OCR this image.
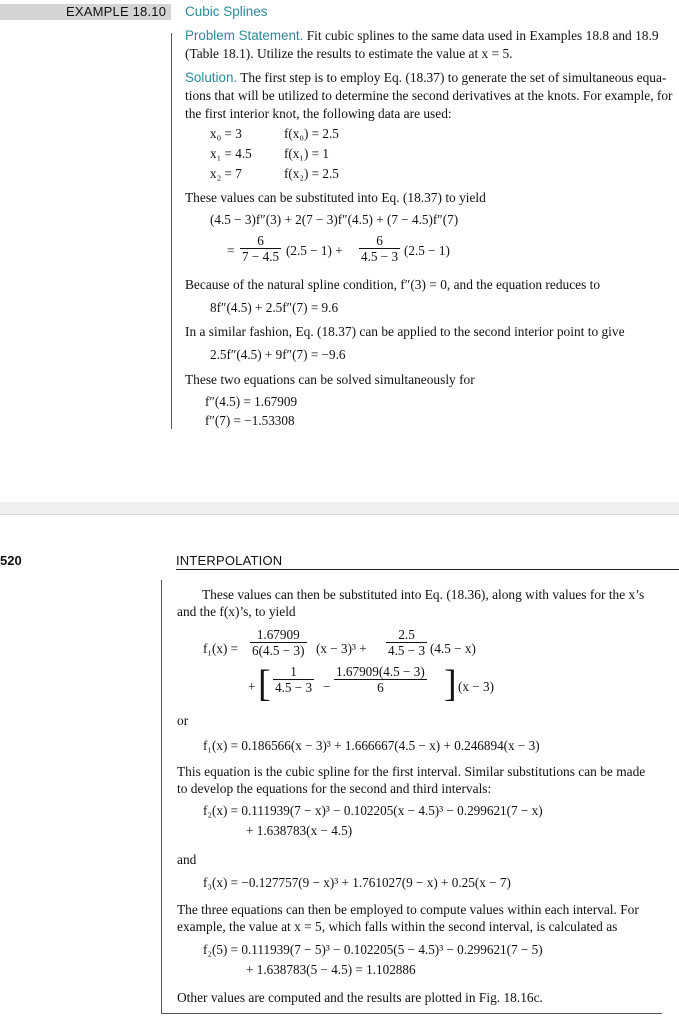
EXAMPLE 18.10 Cubic Splines
Problem Statement. Fit cubic splines to the same data used in Examples 18.8 and 18.9
(Table 18.1). Utilize the results to estimate the value at x = 5.
Solution. The first step is to employ Eq. (18.37) to generate the set of simultaneous equa-
tions that will be utilized to determine the second derivatives at the knots. For example, for
the first interior knot, the following data are used:
x₀ = 3	f(x₀) = 2.5
x₁ = 4.5 f(x₁) = 1
x₂ = 7	f(x₂) = 2.5
These values can be substituted into Eq. (18.37) to yield
(4.5 − 3)f″(3) + 2(7 − 3)f″(4.5) + (7 − 4.5)f″(7)
= $\frac{6}{7 - 4.5} (2.5 - 1) + \frac{6}{4.5 - 3} (2.5 - 1)$
Because of the natural spline condition, f″(3) = 0, and the equation reduces to
8f″(4.5) + 2.5f″(7) = 9.6
In a similar fashion, Eq. (18.37) can be applied to the second interior point to give
2.5f″(4.5) + 9f″(7) = −9.6
These two equations can be solved simultaneously for
f″(4.5) = 1.67909
f″(7) = −1.53308
520	INTERPOLATION
These values can then be substituted into Eq. (18.36), along with values for the x’s
and the f(x)’s, to yield
$f_1(x) = \frac{1.67909}{6(4.5 - 3)} (x - 3)^3 + \frac{2.5}{4.5 - 3} (4.5 - x)$
+ [ $\frac{1}{4.5 - 3} - \frac{1.67909(4.5 - 3)}{6}$ ] (x − 3)
or
f₁(x) = 0.186566(x − 3)³ + 1.666667(4.5 − x) + 0.246894(x − 3)
This equation is the cubic spline for the first interval. Similar substitutions can be made
to develop the equations for the second and third intervals:
f₂(x) = 0.111939(7 − x)³ − 0.102205(x − 4.5)³ − 0.299621(7 − x)
+ 1.638783(x − 4.5)
and
f₃(x) = −0.127757(9 − x)³ + 1.761027(9 − x) + 0.25(x − 7)
The three equations can then be employed to compute values within each interval. For
example, the value at x = 5, which falls within the second interval, is calculated as
f₂(5) = 0.111939(7 − 5)³ − 0.102205(5 − 4.5)³ − 0.299621(7 − 5)
+ 1.638783(5 − 4.5) = 1.102886
Other values are computed and the results are plotted in Fig. 18.16c.
